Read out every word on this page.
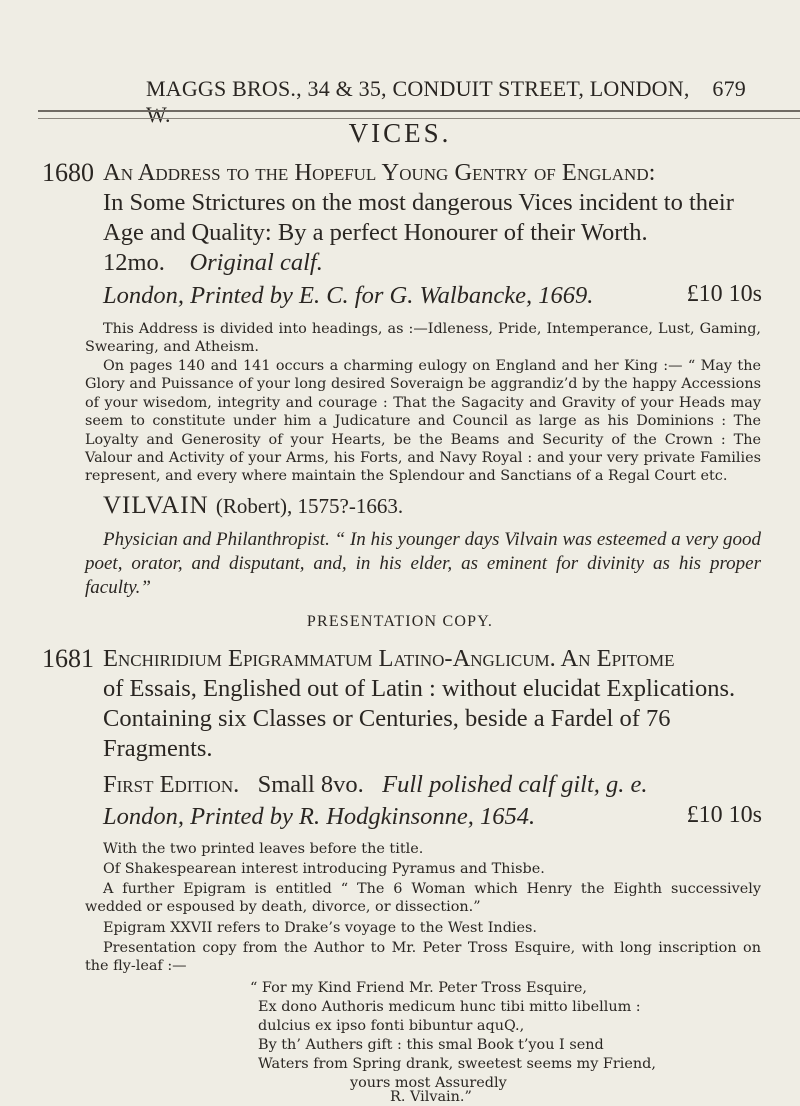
MAGGS BROS., 34 & 35, CONDUIT STREET, LONDON, W.
679
VICES.
1680 An Address to the Hopeful Young Gentry of England:
In Some Strictures on the most dangerous Vices incident to their
Age and Quality: By a perfect Honourer of their Worth.
12mo. Original calf.
London, Printed by E. C. for G. Walbancke, 1669.	£10 10s
This Address is divided into headings, as :—Idleness, Pride, Intemperance, Lust, Gaming, Swearing, and Atheism.
On pages 140 and 141 occurs a charming eulogy on England and her King :— “ May the Glory and Puissance of your long desired Soveraign be aggrandiz’d by the happy Accessions of your wisedom, integrity and courage : That the Sagacity and Gravity of your Heads may seem to constitute under him a Judicature and Council as large as his Dominions : The Loyalty and Generosity of your Hearts, be the Beams and Security of the Crown : The Valour and Activity of your Arms, his Forts, and Navy Royal : and your very private Families represent, and every where maintain the Splendour and Sanctians of a Regal Court etc.
VILVAIN (Robert), 1575?-1663.
Physician and Philanthropist. “ In his younger days Vilvain was esteemed a very good poet, orator, and disputant, and, in his elder, as eminent for divinity as his proper faculty.”
PRESENTATION COPY.
1681 Enchiridium Epigrammatum Latino-Anglicum. An Epitome
of Essais, Englished out of Latin : without elucidat Explications.
Containing six Classes or Centuries, beside a Fardel of 76
Fragments.
First Edition. Small 8vo. Full polished calf gilt, g. e.
London, Printed by R. Hodgkinsonne, 1654.	£10 10s
With the two printed leaves before the title.
Of Shakespearean interest introducing Pyramus and Thisbe.
A further Epigram is entitled “ The 6 Woman which Henry the Eighth successively wedded or espoused by death, divorce, or dissection.”
Epigram XXVII refers to Drake’s voyage to the West Indies.
Presentation copy from the Author to Mr. Peter Tross Esquire, with long inscription on the fly-leaf :—
“ For my Kind Friend Mr. Peter Tross Esquire,
Ex dono Authoris medicum hunc tibi mitto libellum :
dulcius ex ipso fonti bibuntur aquQ.,
By th’ Authers gift : this smal Book t’you I send
Waters from Spring drank, sweetest seems my Friend,
yours most Assuredly
R. Vilvain.”
